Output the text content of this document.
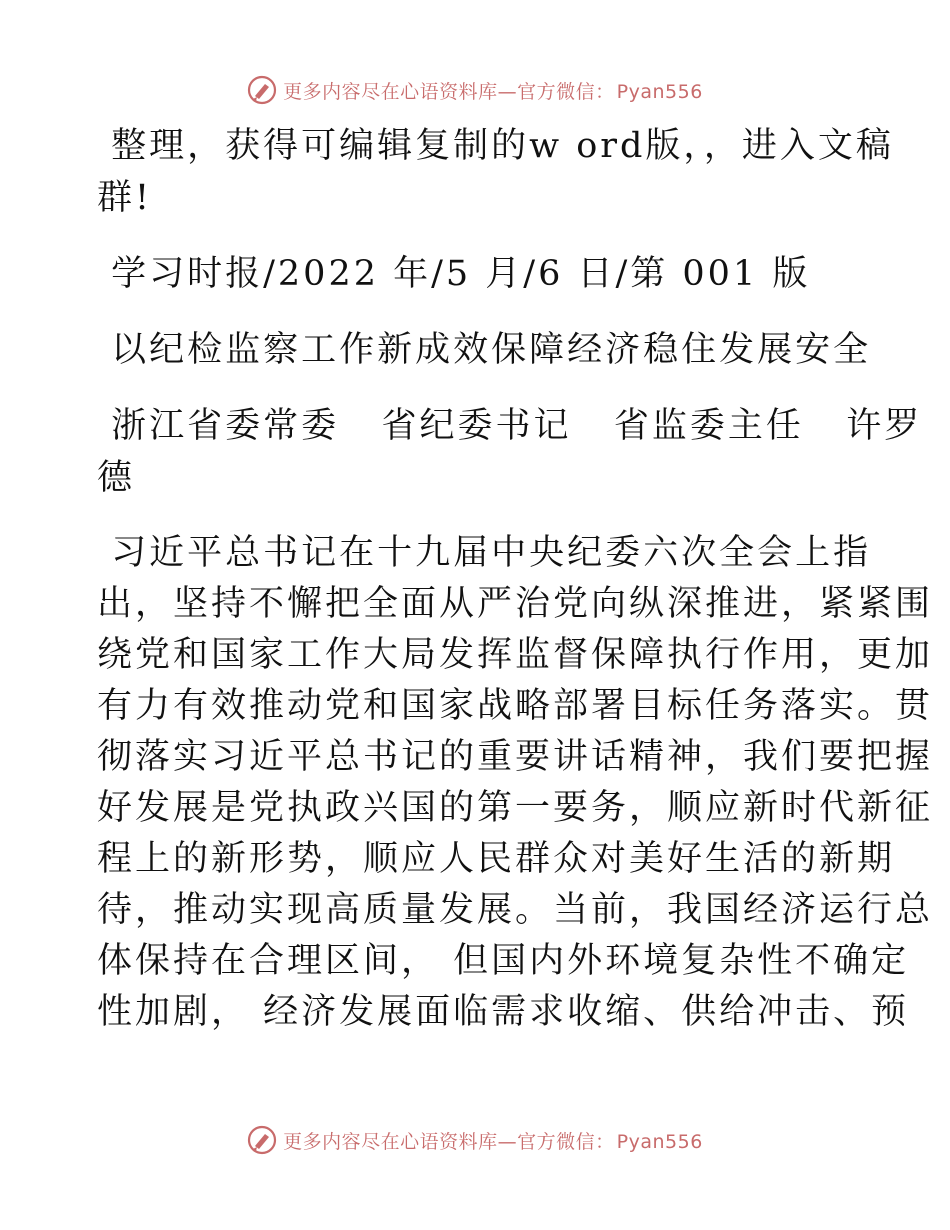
更多内容尽在心语资料库—官方微信： Pyan556
整理，获得可编辑复制的w ord版，，进入文稿
群!
学习时报/2022 年/5 月/6 日/第 001 版
以纪检监察工作新成效保障经济稳住发展安全
浙江省委常委   省纪委书记   省监委主任   许罗
德
习近平总书记在十九届中央纪委六次全会上指
出，坚持不懈把全面从严治党向纵深推进，紧紧围
绕党和国家工作大局发挥监督保障执行作用，更加
有力有效推动党和国家战略部署目标任务落实。贯
彻落实习近平总书记的重要讲话精神，我们要把握
好发展是党执政兴国的第一要务，顺应新时代新征
程上的新形势，顺应人民群众对美好生活的新期
待，推动实现高质量发展。当前，我国经济运行总
体保持在合理区间， 但国内外环境复杂性不确定
性加剧， 经济发展面临需求收缩、供给冲击、预
更多内容尽在心语资料库—官方微信： Pyan556
